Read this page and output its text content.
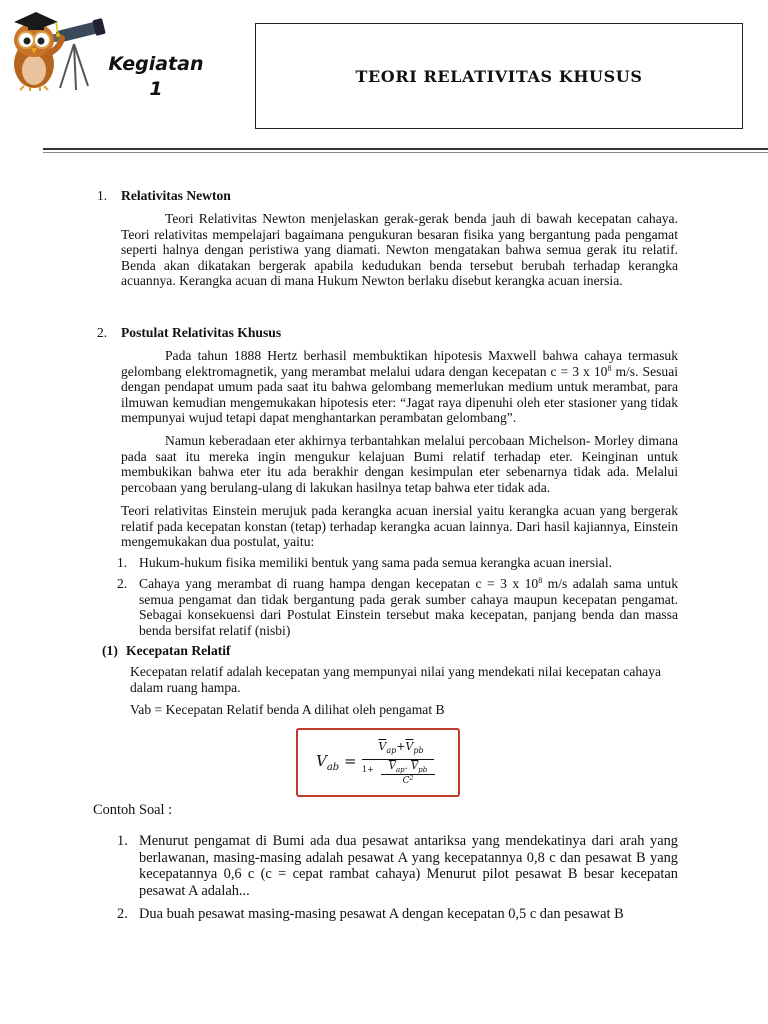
Kegiatan
1
TEORI RELATIVITAS KHUSUS
1. Relativitas Newton

Teori Relativitas Newton menjelaskan gerak-gerak benda jauh di bawah kecepatan cahaya. Teori relativitas mempelajari bagaimana pengukuran besaran fisika yang bergantung pada pengamat seperti halnya dengan peristiwa yang diamati. Newton mengatakan bahwa semua gerak itu relatif. Benda akan dikatakan bergerak apabila kedudukan benda tersebut berubah terhadap kerangka acuannya. Kerangka acuan di mana Hukum Newton berlaku disebut kerangka acuan inersia.

2. Postulat Relativitas Khusus

Pada tahun 1888 Hertz berhasil membuktikan hipotesis Maxwell bahwa cahaya termasuk gelombang elektromagnetik, yang merambat melalui udara dengan kecepatan c = 3 x $10^8$ m/s. Sesuai dengan pendapat umum pada saat itu bahwa gelombang memerlukan medium untuk merambat, para ilmuwan kemudian mengemukakan hipotesis eter: “Jagat raya dipenuhi oleh eter stasioner yang tidak mempunyai wujud tetapi dapat menghantarkan perambatan gelombang”.

Namun keberadaan eter akhirnya terbantahkan melalui percobaan Michelson- Morley dimana pada saat itu mereka ingin mengukur kelajuan Bumi relatif terhadap eter. Keinginan untuk membukikan bahwa eter itu ada berakhir dengan kesimpulan eter sebenarnya tidak ada. Melalui percobaan yang berulang-ulang di lakukan hasilnya tetap bahwa eter tidak ada.

Teori relativitas Einstein merujuk pada kerangka acuan inersial yaitu kerangka acuan yang bergerak relatif pada kecepatan konstan (tetap) terhadap kerangka acuan lainnya. Dari hasil kajiannya, Einstein mengemukakan dua postulat, yaitu:

1. Hukum-hukum fisika memiliki bentuk yang sama pada semua kerangka acuan inersial.

2. Cahaya yang merambat di ruang hampa dengan kecepatan c = 3 x $10^8$ m/s adalah sama untuk semua pengamat dan tidak bergantung pada gerak sumber cahaya maupun kecepatan pengamat. Sebagai konsekuensi dari Postulat Einstein tersebut maka kecepatan, panjang benda dan massa benda bersifat relatif (nisbi)

(1) Kecepatan Relatif

Kecepatan relatif adalah kecepatan yang mempunyai nilai yang mendekati nilai kecepatan cahaya dalam ruang hampa.

Vab = Kecepatan Relatif benda A dilihat oleh pengamat B

$V_{ab}$ =
$\overline{V}_{ap}+\overline{V}_{pb}$
1+	$\overline{V}_{ap}$. $\overline{V}_{pb}$
$C^2$

Contoh Soal :

1. Menurut pengamat di Bumi ada dua pesawat antariksa yang mendekatinya dari arah yang berlawanan, masing-masing adalah pesawat A yang kecepatannya 0,8 c dan pesawat B yang kecepatannya 0,6 c (c = cepat rambat cahaya) Menurut pilot pesawat B besar kecepatan pesawat A adalah...

2. Dua buah pesawat masing-masing pesawat A dengan kecepatan 0,5 c dan pesawat B
